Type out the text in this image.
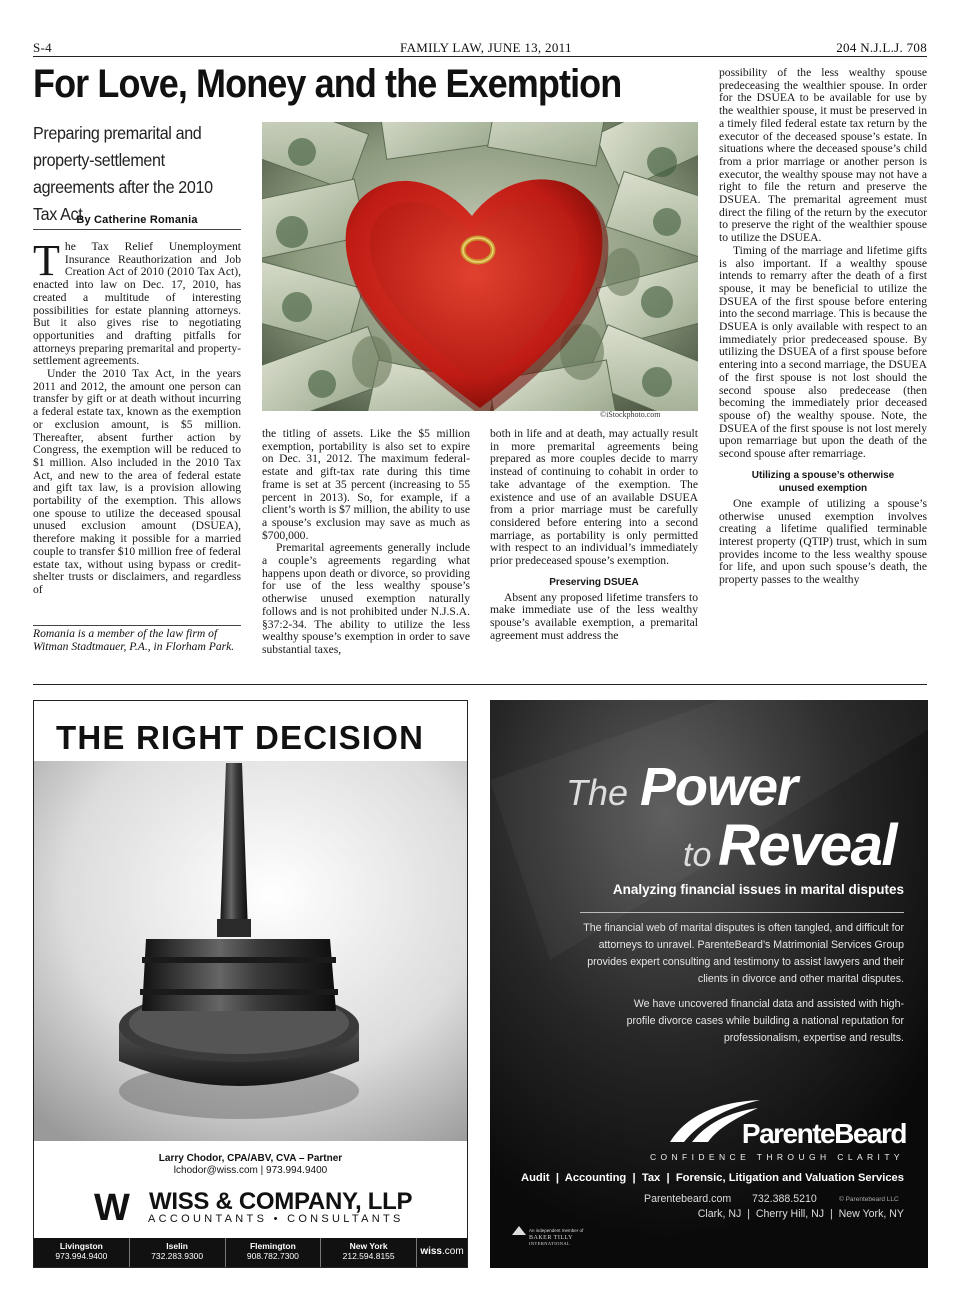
S-4	FAMILY LAW, JUNE 13, 2011	204 N.J.L.J. 708
For Love, Money and the Exemption
Preparing premarital and property-settlement agreements after the 2010 Tax Act
By Catherine Romania

The Tax Relief Unemployment Insurance Reauthorization and Job Creation Act of 2010 (2010 Tax Act), enacted into law on Dec. 17, 2010, has created a multitude of interesting possibilities for estate planning attorneys. But it also gives rise to negotiating opportunities and drafting pitfalls for attorneys preparing premarital and property-settlement agreements.

Under the 2010 Tax Act, in the years 2011 and 2012, the amount one person can transfer by gift or at death without incurring a federal estate tax, known as the exemption or exclusion amount, is $5 million. Thereafter, absent further action by Congress, the exemption will be reduced to $1 million. Also included in the 2010 Tax Act, and new to the area of federal estate and gift tax law, is a provision allowing portability of the exemption. This allows one spouse to utilize the deceased spousal unused exclusion amount (DSUEA), therefore making it possible for a married couple to transfer $10 million free of federal estate tax, without using bypass or credit-shelter trusts or disclaimers, and regardless of

Romania is a member of the law firm of Witman Stadtmauer, P.A., in Florham Park.
©iStockphoto.com

the titling of assets. Like the $5 million exemption, portability is also set to expire on Dec. 31, 2012. The maximum federal-estate and gift-tax rate during this time frame is set at 35 percent (increasing to 55 percent in 2013). So, for example, if a client’s worth is $7 million, the ability to use a spouse’s exclusion may save as much as $700,000.

Premarital agreements generally include a couple’s agreements regarding what happens upon death or divorce, so providing for use of the less wealthy spouse’s otherwise unused exemption naturally follows and is not prohibited under N.J.S.A. §37:2-34. The ability to utilize the less wealthy spouse’s exemption in order to save substantial taxes,

both in life and at death, may actually result in more premarital agreements being prepared as more couples decide to marry instead of continuing to cohabit in order to take advantage of the exemption. The existence and use of an available DSUEA from a prior marriage must be carefully considered before entering into a second marriage, as portability is only permitted with respect to an individual’s immediately prior predeceased spouse’s exemption.

Preserving DSUEA

Absent any proposed lifetime transfers to make immediate use of the less wealthy spouse’s available exemption, a premarital agreement must address the

possibility of the less wealthy spouse predeceasing the wealthier spouse. In order for the DSUEA to be available for use by the wealthier spouse, it must be preserved in a timely filed federal estate tax return by the executor of the deceased spouse’s estate. In situations where the deceased spouse’s child from a prior marriage or another person is executor, the wealthy spouse may not have a right to file the return and preserve the DSUEA. The premarital agreement must direct the filing of the return by the executor to preserve the right of the wealthier spouse to utilize the DSUEA.

Timing of the marriage and lifetime gifts is also important. If a wealthy spouse intends to remarry after the death of a first spouse, it may be beneficial to utilize the DSUEA of the first spouse before entering into the second marriage. This is because the DSUEA is only available with respect to an immediately prior predeceased spouse. By utilizing the DSUEA of a first spouse before entering into a second marriage, the DSUEA of the first spouse is not lost should the second spouse also predecease (then becoming the immediately prior deceased spouse of) the wealthy spouse. Note, the DSUEA of the first spouse is not lost merely upon remarriage but upon the death of the second spouse after remarriage.

Utilizing a spouse’s otherwise unused exemption

One example of utilizing a spouse’s otherwise unused exemption involves creating a lifetime qualified terminable interest property (QTIP) trust, which in sum provides income to the less wealthy spouse for life, and upon such spouse’s death, the property passes to the wealthy

THE RIGHT DECISION
Larry Chodor, CPA/ABV, CVA – Partner
lchodor@wiss.com | 973.994.9400
W WISS & COMPANY, LLP
ACCOUNTANTS • CONSULTANTS
Livingston
973.994.9400
Iselin
732.283.9300
Flemington
908.782.7300
New York
212.594.8155	wiss.com
The Power
to Reveal
Analyzing financial issues in marital disputes
The financial web of marital disputes is often tangled, and difficult for attorneys to unravel. ParenteBeard’s Matrimonial Services Group provides expert consulting and testimony to assist lawyers and their clients in divorce and other marital disputes.
We have uncovered financial data and assisted with high-profile divorce cases while building a national reputation for professionalism, expertise and results.
ParenteBeard
CONFIDENCE THROUGH CLARITY
Audit  |  Accounting  |  Tax  |  Forensic, Litigation and Valuation Services
Parentebeard.com 732.388.5210	© Parentebeard LLC
Clark, NJ  |  Cherry Hill, NJ  |  New York, NY
An independent member of
BAKER TILLY
INTERNATIONAL
